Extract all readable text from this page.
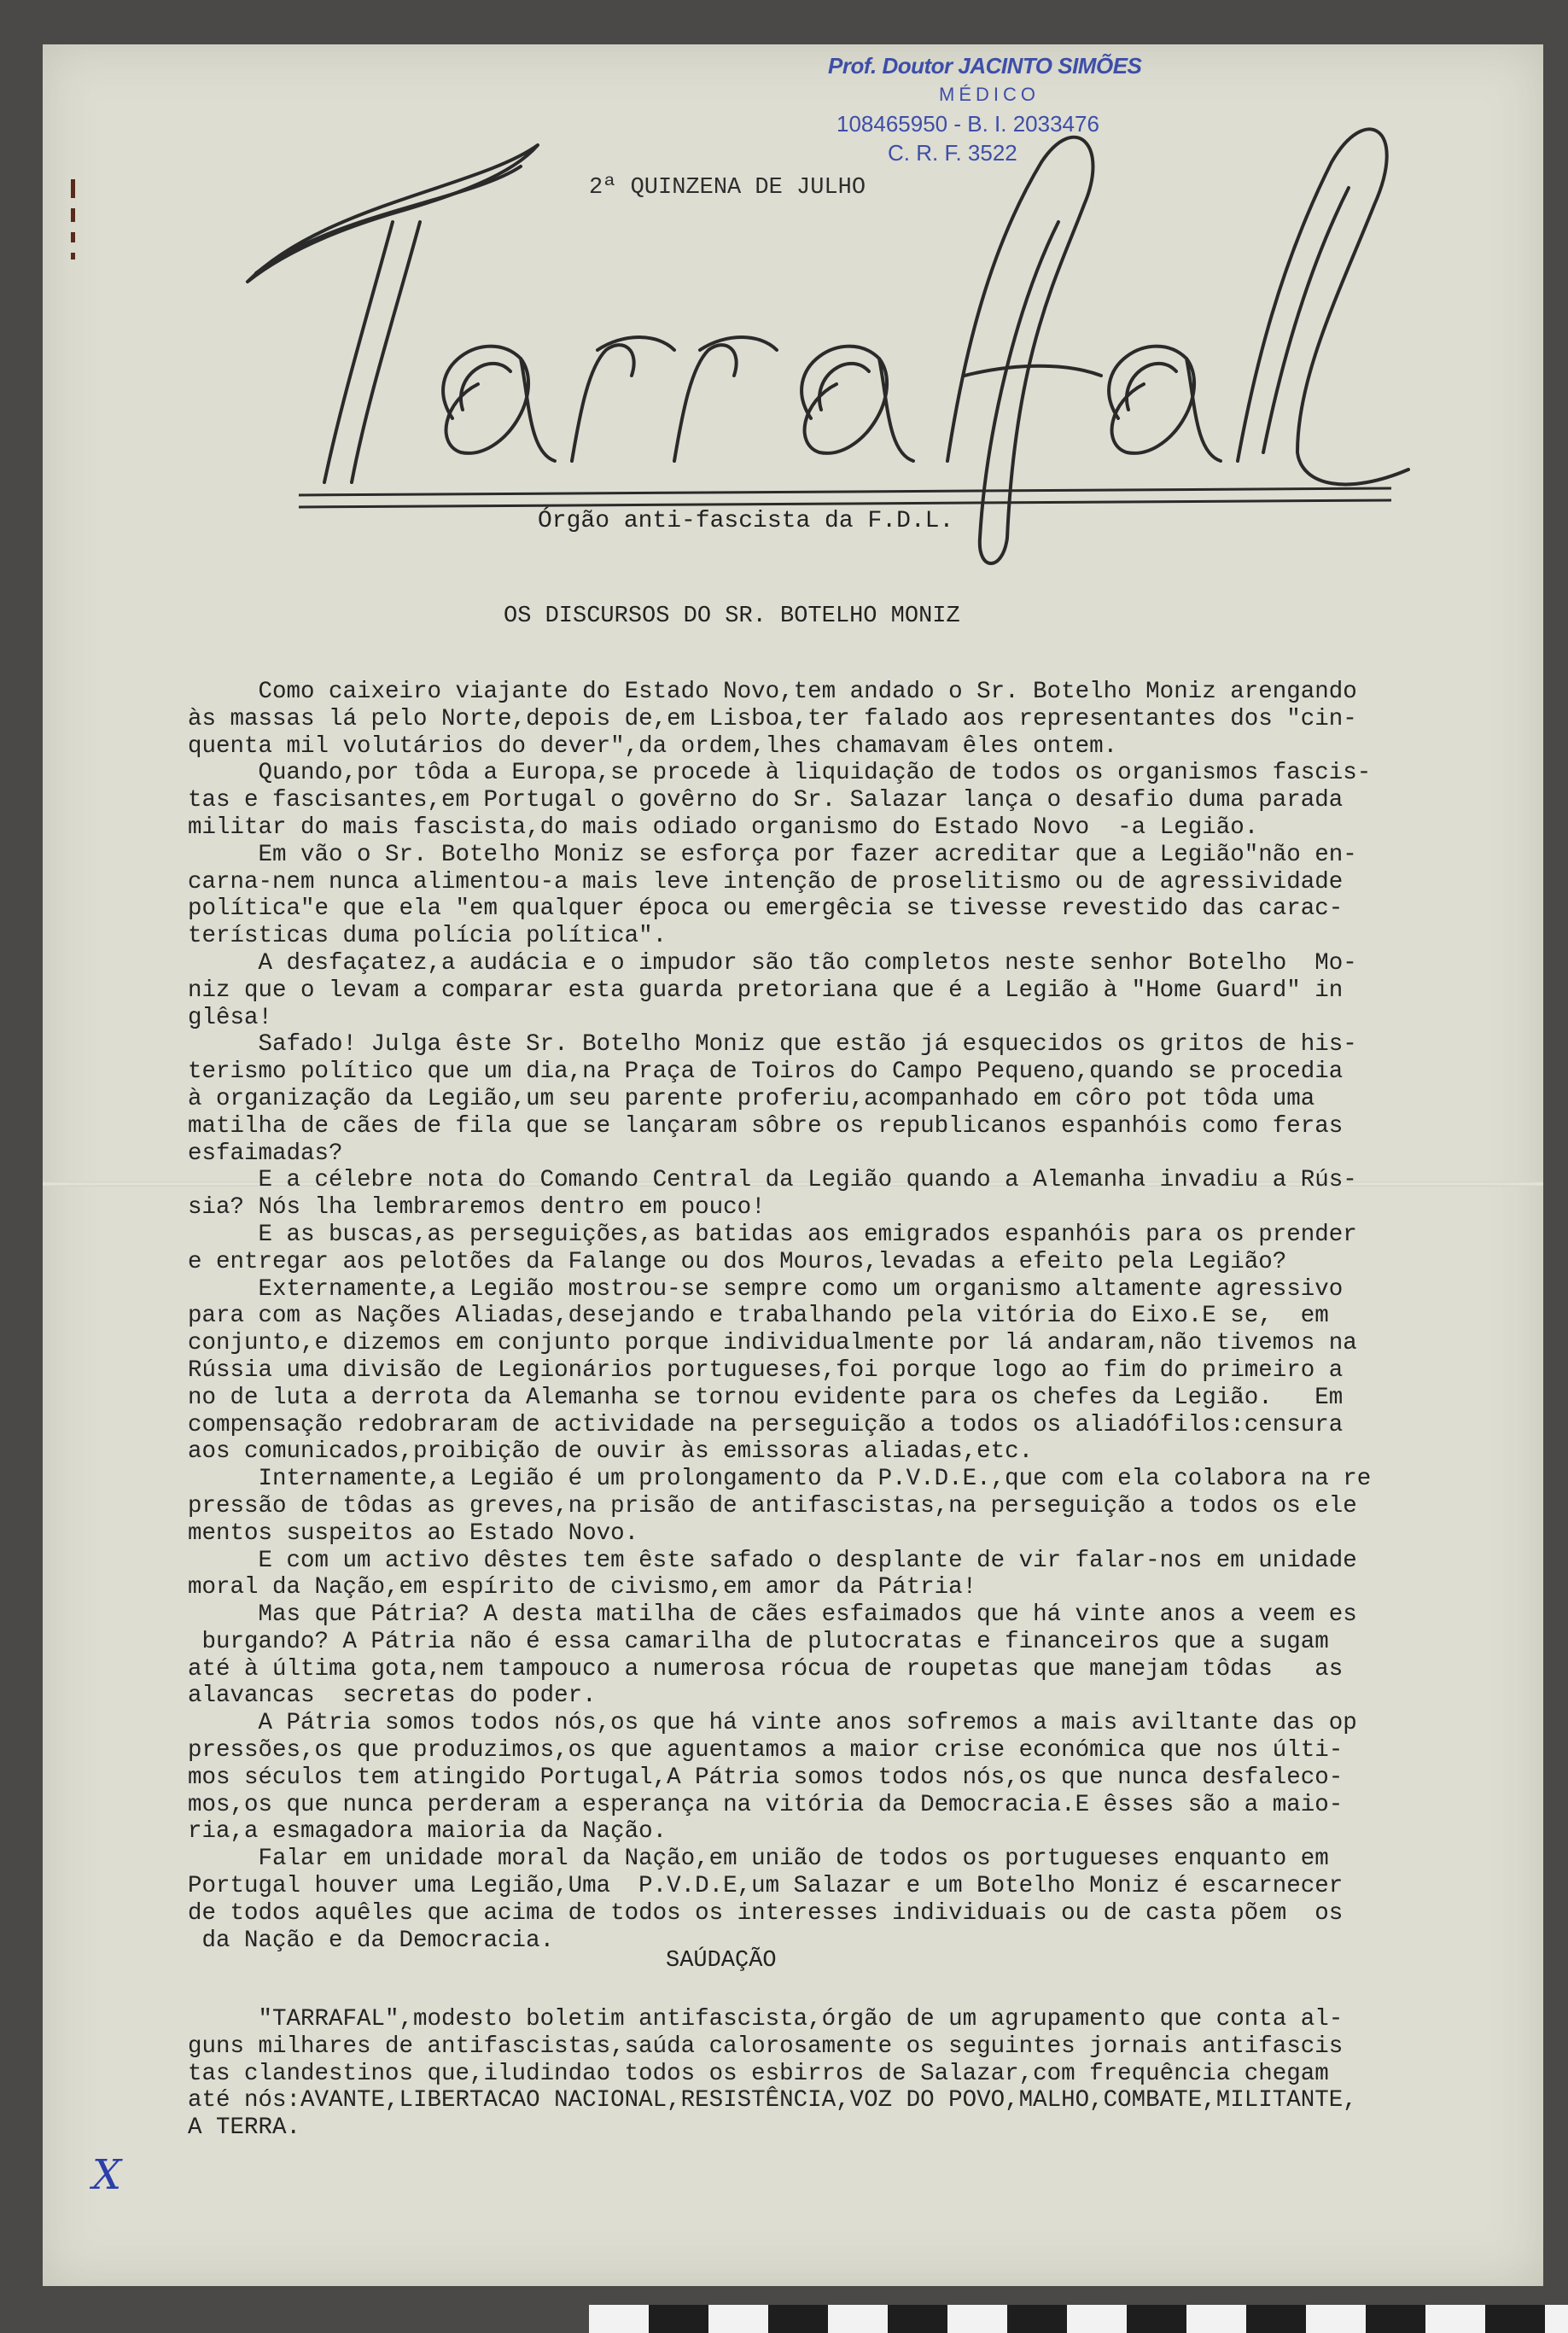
Prof. Doutor JACINTO SIMÕES
MÉDICO
108465950 - B. I. 2033476
C. R. F. 3522
2ª QUINZENA DE JULHO
Órgão anti-fascista da F.D.L.
OS DISCURSOS DO SR. BOTELHO MONIZ
Como caixeiro viajante do Estado Novo,tem andado o Sr. Botelho Moniz arengando
às massas lá pelo Norte,depois de,em Lisboa,ter falado aos representantes dos "cin-
quenta mil volutários do dever",da ordem,lhes chamavam êles ontem.
Quando,por tôda a Europa,se procede à liquidação de todos os organismos fascis-
tas e fascisantes,em Portugal o govêrno do Sr. Salazar lança o desafio duma parada
militar do mais fascista,do mais odiado organismo do Estado Novo  -a Legião.
Em vão o Sr. Botelho Moniz se esforça por fazer acreditar que a Legião"não en-
carna-nem nunca alimentou-a mais leve intenção de proselitismo ou de agressividade
política"e que ela "em qualquer época ou emergêcia se tivesse revestido das carac-
terísticas duma polícia política".
A desfaçatez,a audácia e o impudor são tão completos neste senhor Botelho  Mo-
niz que o levam a comparar esta guarda pretoriana que é a Legião à "Home Guard" in
glêsa!
Safado! Julga êste Sr. Botelho Moniz que estão já esquecidos os gritos de his-
terismo político que um dia,na Praça de Toiros do Campo Pequeno,quando se procedia
à organização da Legião,um seu parente proferiu,acompanhado em côro pot tôda uma
matilha de cães de fila que se lançaram sôbre os republicanos espanhóis como feras
esfaimadas?
E a célebre nota do Comando Central da Legião quando a Alemanha invadiu a Rús-
sia? Nós lha lembraremos dentro em pouco!
E as buscas,as perseguições,as batidas aos emigrados espanhóis para os prender
e entregar aos pelotões da Falange ou dos Mouros,levadas a efeito pela Legião?
Externamente,a Legião mostrou-se sempre como um organismo altamente agressivo
para com as Nações Aliadas,desejando e trabalhando pela vitória do Eixo.E se,  em
conjunto,e dizemos em conjunto porque individualmente por lá andaram,não tivemos na
Rússia uma divisão de Legionários portugueses,foi porque logo ao fim do primeiro a
no de luta a derrota da Alemanha se tornou evidente para os chefes da Legião.   Em
compensação redobraram de actividade na perseguição a todos os aliadófilos:censura
aos comunicados,proibição de ouvir às emissoras aliadas,etc.
Internamente,a Legião é um prolongamento da P.V.D.E.,que com ela colabora na re
pressão de tôdas as greves,na prisão de antifascistas,na perseguição a todos os ele
mentos suspeitos ao Estado Novo.
E com um activo dêstes tem êste safado o desplante de vir falar-nos em unidade
moral da Nação,em espírito de civismo,em amor da Pátria!
Mas que Pátria? A desta matilha de cães esfaimados que há vinte anos a veem es
burgando? A Pátria não é essa camarilha de plutocratas e financeiros que a sugam
até à última gota,nem tampouco a numerosa rócua de roupetas que manejam tôdas   as
alavancas  secretas do poder.
A Pátria somos todos nós,os que há vinte anos sofremos a mais aviltante das op
pressões,os que produzimos,os que aguentamos a maior crise económica que nos últi-
mos séculos tem atingido Portugal,A Pátria somos todos nós,os que nunca desfaleco-
mos,os que nunca perderam a esperança na vitória da Democracia.E êsses são a maio-
ria,a esmagadora maioria da Nação.
Falar em unidade moral da Nação,em união de todos os portugueses enquanto em
Portugal houver uma Legião,Uma  P.V.D.E,um Salazar e um Botelho Moniz é escarnecer
de todos aquêles que acima de todos os interesses individuais ou de casta põem  os
da Nação e da Democracia.
SAÚDAÇÃO
"TARRAFAL",modesto boletim antifascista,órgão de um agrupamento que conta al-
guns milhares de antifascistas,saúda calorosamente os seguintes jornais antifascis
tas clandestinos que,iludindao todos os esbirros de Salazar,com frequência chegam
até nós:AVANTE,LIBERTACAO NACIONAL,RESISTÊNCIA,VOZ DO POVO,MALHO,COMBATE,MILITANTE,
A TERRA.
X
